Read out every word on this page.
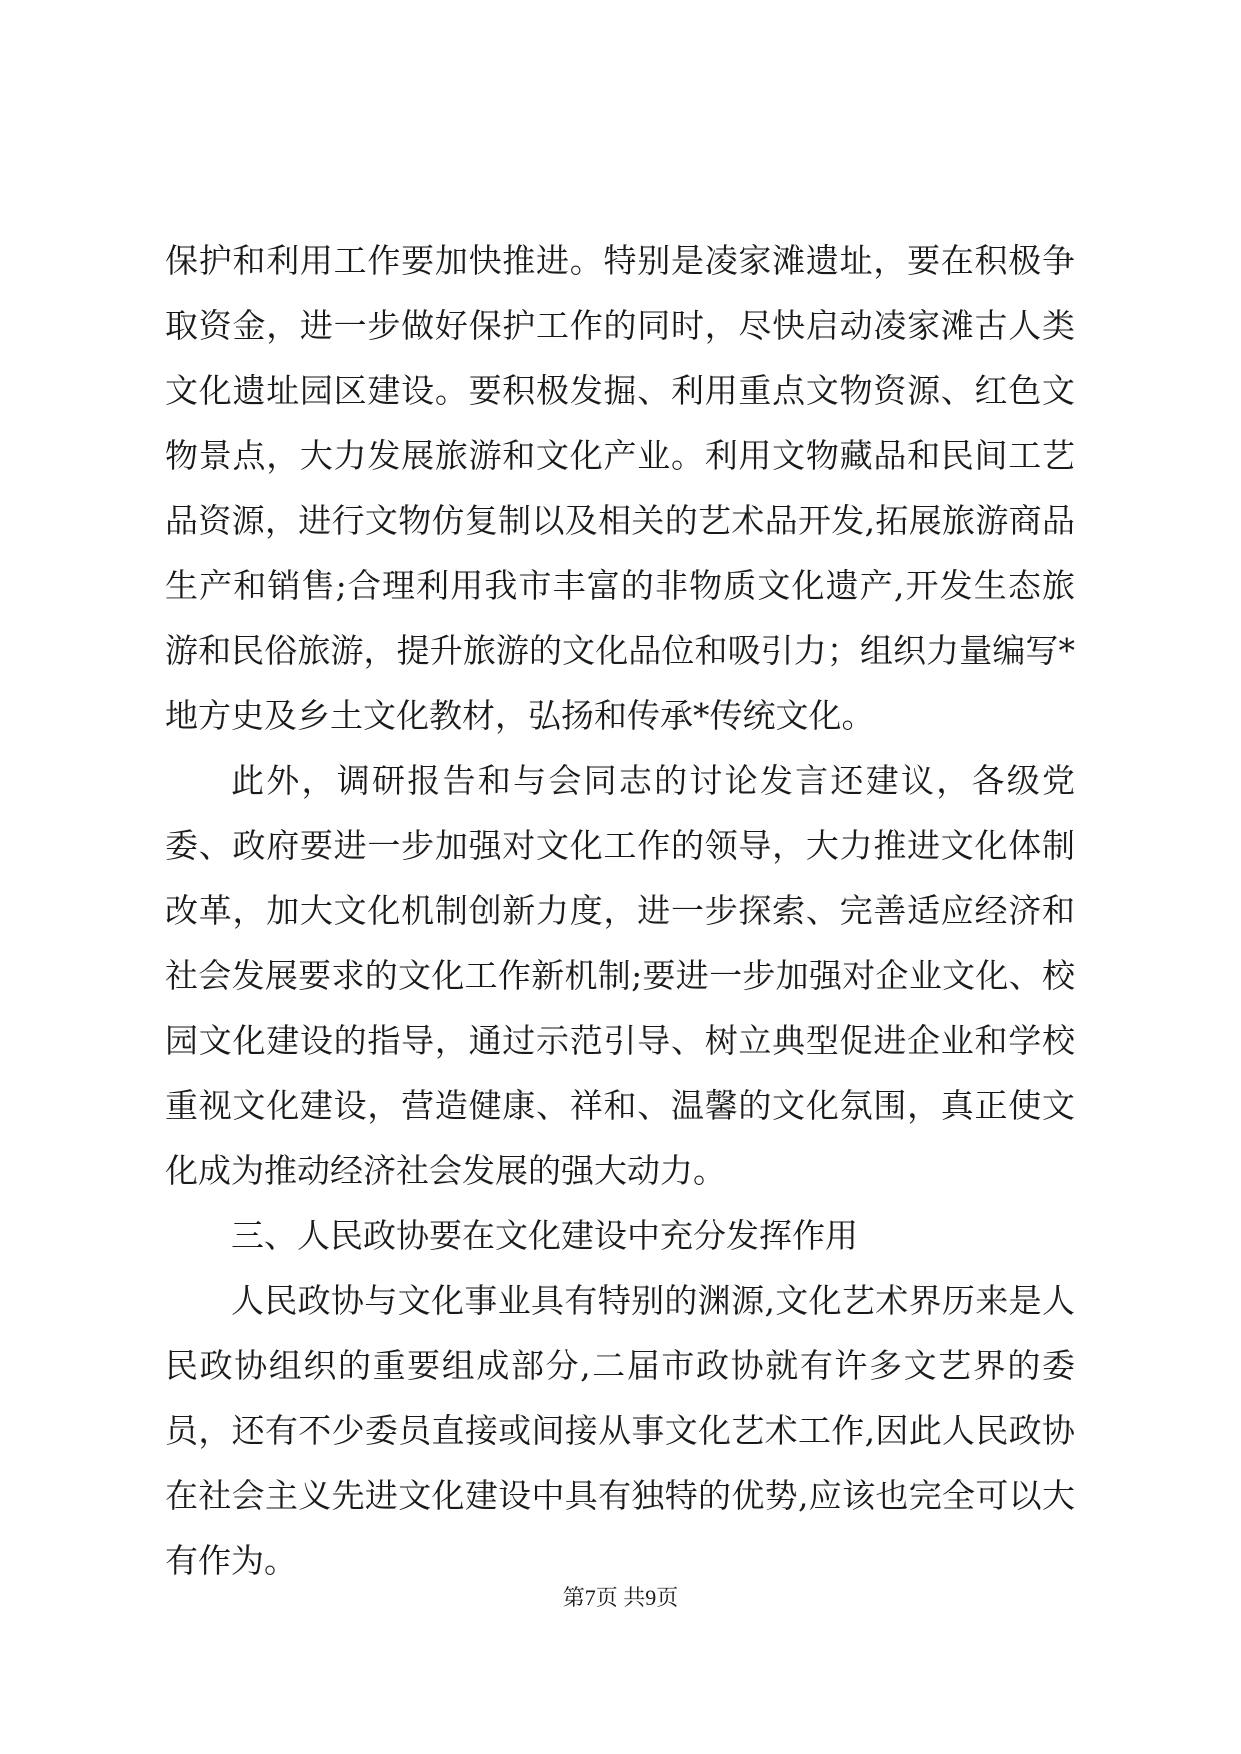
保护和利用工作要加快推进。特别是凌家滩遗址，要在积极争取资金，进一步做好保护工作的同时，尽快启动凌家滩古人类文化遗址园区建设。要积极发掘、利用重点文物资源、红色文物景点，大力发展旅游和文化产业。利用文物藏品和民间工艺品资源，进行文物仿复制以及相关的艺术品开发,拓展旅游商品生产和销售;合理利用我市丰富的非物质文化遗产,开发生态旅游和民俗旅游，提升旅游的文化品位和吸引力；组织力量编写*地方史及乡土文化教材，弘扬和传承*传统文化。

此外，调研报告和与会同志的讨论发言还建议，各级党委、政府要进一步加强对文化工作的领导，大力推进文化体制改革，加大文化机制创新力度，进一步探索、完善适应经济和社会发展要求的文化工作新机制;要进一步加强对企业文化、校园文化建设的指导，通过示范引导、树立典型促进企业和学校重视文化建设，营造健康、祥和、温馨的文化氛围，真正使文化成为推动经济社会发展的强大动力。

三、人民政协要在文化建设中充分发挥作用

人民政协与文化事业具有特别的渊源,文化艺术界历来是人民政协组织的重要组成部分,二届市政协就有许多文艺界的委员，还有不少委员直接或间接从事文化艺术工作,因此人民政协在社会主义先进文化建设中具有独特的优势,应该也完全可以大有作为。

第7页 共9页
